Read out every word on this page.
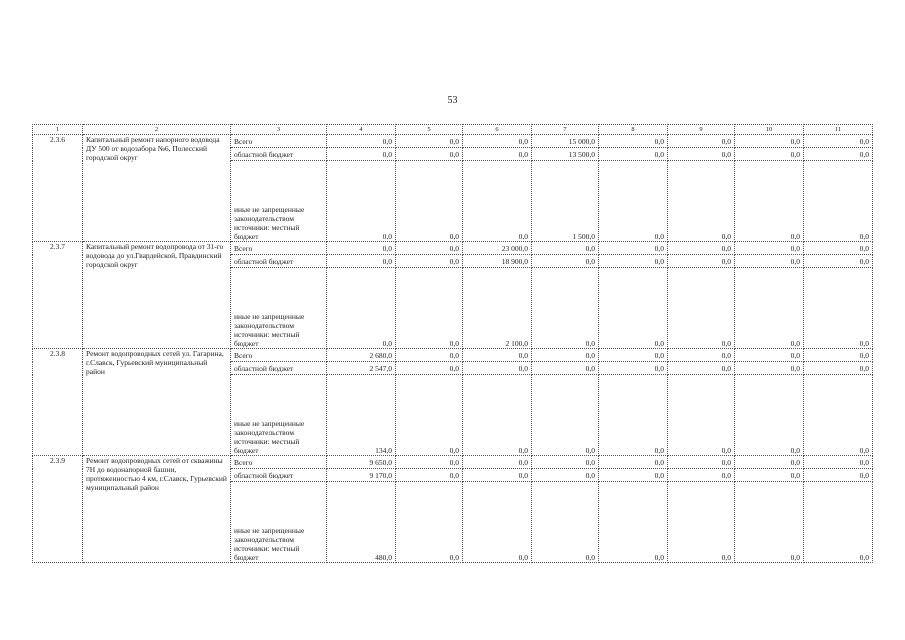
53
1	2	3	4	5	6	7	8	9	10	11
2.3.6	Капитальный ремонт напорного водовода ДУ 500 от водозабора №6, Полесский городской округ	Всего	0,0	0,0	0,0	15 000,0	0,0	0,0	0,0	0,0
		областной бюджет	0,0	0,0	0,0	13 500,0	0,0	0,0	0,0	0,0
		иные не запрещенные законодательством источники: местный бюджет	0,0	0,0	0,0	1 500,0	0,0	0,0	0,0	0,0
2.3.7	Капитальный ремонт водопровода от 31-го водовода до ул.Гвардейской, Правдинский городской округ	Всего	0,0	0,0	23 000,0	0,0	0,0	0,0	0,0	0,0
		областной бюджет	0,0	0,0	18 900,0	0,0	0,0	0,0	0,0	0,0
		иные не запрещенные законодательством источники: местный бюджет	0,0	0,0	2 100,0	0,0	0,0	0,0	0,0	0,0
2.3.8	Ремонт водопроводных сетей ул. Гагарина, г.Славск, Гурьевский муниципальный район	Всего	2 680,0	0,0	0,0	0,0	0,0	0,0	0,0	0,0
		областной бюджет	2 547,0	0,0	0,0	0,0	0,0	0,0	0,0	0,0
		иные не запрещенные законодательством источники: местный бюджет	134,0	0,0	0,0	0,0	0,0	0,0	0,0	0,0
2.3.9	Ремонт водопроводных сетей от скважины 7Н до водонапорной башни, протяженностью 4 км, г.Славск, Гурьевский муниципальный район	Всего	9 650,0	0,0	0,0	0,0	0,0	0,0	0,0	0,0
		областной бюджет	9 170,0	0,0	0,0	0,0	0,0	0,0	0,0	0,0
		иные не запрещенные законодательством источники: местный бюджет	480,0	0,0	0,0	0,0	0,0	0,0	0,0	0,0
